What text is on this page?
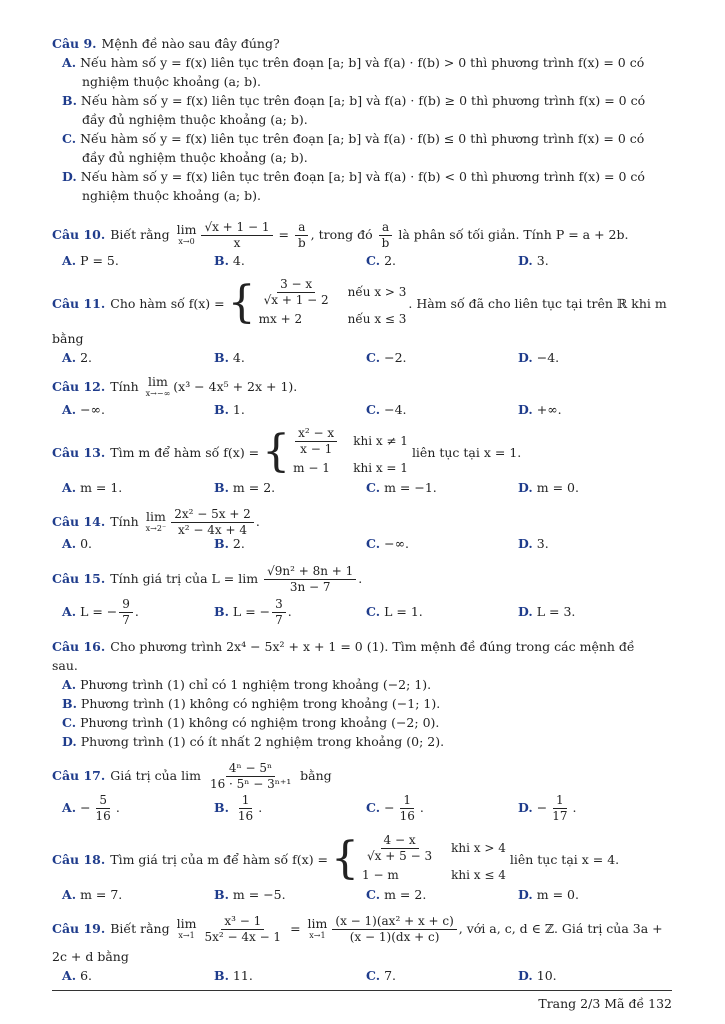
Câu 9. Mệnh đề nào sau đây đúng?
A. Nếu hàm số y = f(x) liên tục trên đoạn [a; b] và f(a) · f(b) > 0 thì phương trình f(x) = 0 có
nghiệm thuộc khoảng (a; b).
B. Nếu hàm số y = f(x) liên tục trên đoạn [a; b] và f(a) · f(b) ≥ 0 thì phương trình f(x) = 0 có
đầy đủ nghiệm thuộc khoảng (a; b).
C. Nếu hàm số y = f(x) liên tục trên đoạn [a; b] và f(a) · f(b) ≤ 0 thì phương trình f(x) = 0 có
đầy đủ nghiệm thuộc khoảng (a; b).
D. Nếu hàm số y = f(x) liên tục trên đoạn [a; b] và f(a) · f(b) < 0 thì phương trình f(x) = 0 có
nghiệm thuộc khoảng (a; b).
Câu 10. Biết rằng lim
$x\to 0 \frac{√x + 1 - 1}{x} = \frac{a}{b}$ , trong đó $\frac{a}{b}$ là phân số tối giản. Tính P = a + 2b.
A. P = 5.	B. 4.	C. 2.	D. 3.
Câu 11. Cho hàm số f(x) = { $\frac{3 - x}{√x + 1 - 2}$ nếu x > 3
mx + 2	nếu x ≤ 3
. Hàm số đã cho liên tục tại trên ℝ khi m
bằng
A. 2.	B. 4.	C. −2.	D. −4.
Câu 12. Tính lim
x→−∞ (x³ − 4x⁵ + 2x + 1).
A. −∞.	B. 1.	C. −4.	D. +∞.
Câu 13. Tìm m để hàm số f(x) = { $\frac{\text{x² − x}}{x - 1}$ khi x ≠ 1
m − 1	khi x = 1
liên tục tại x = 1.
A. m = 1.	B. m = 2.	C. m = −1.	D. m = 0.
Câu 14. Tính lim
$x\to 2^- \frac{\text{2x² − 5x + 2}}{\text{x² − 4x + 4}}$ .
A. 0.	B. 2.	C. −∞.	D. 3.
Câu 15. Tính giá trị của $L = \lim \frac{\text{√9n² + 8n + 1}}{3n - 7}$ .
A. L = − $\frac{9}{7}$ .	B. L = − $\frac{3}{7}$ .	C. L = 1.	D. L = 3.
Câu 16. Cho phương trình 2x⁴ − 5x² + x + 1 = 0 (1). Tìm mệnh đề đúng trong các mệnh đề
sau.
A. Phương trình (1) chỉ có 1 nghiệm trong khoảng (−2; 1).
B. Phương trình (1) không có nghiệm trong khoảng (−1; 1).
C. Phương trình (1) không có nghiệm trong khoảng (−2; 0).
D. Phương trình (1) có ít nhất 2 nghiệm trong khoảng (0; 2).
Câu 17. Giá trị của $\lim \frac{\text{4ⁿ − 5ⁿ}}{\text{16 · 5ⁿ − 3ⁿ⁺¹}}$ bằng
A. − $\frac{5}{16}$ .	B. $\frac{1}{16}$ .	C. − $\frac{1}{16}$ .	D. − $\frac{1}{17}$ .
Câu 18. Tìm giá trị của m để hàm số f(x) = { $\frac{4 - x}{√x + 5 - 3}$ khi x > 4
1 − m	khi x ≤ 4
liên tục tại x = 4.
A. m = 7.	B. m = −5.	C. m = 2.	D. m = 0.
Câu 19. Biết rằng lim
$x\to 1 \frac{\text{x³ − 1}}{\text{5x² − 4x − 1}} = \lim$
$x\to 1 \frac{\text{(x − 1)(ax² + x + c)}}{(x - 1)(dx + c)}$ , với a, c, d ∈ ℤ. Giá trị của 3a +
2c + d bằng
A. 6.	B. 11.	C. 7.	D. 10.
Trang 2/3 Mã đề 132
